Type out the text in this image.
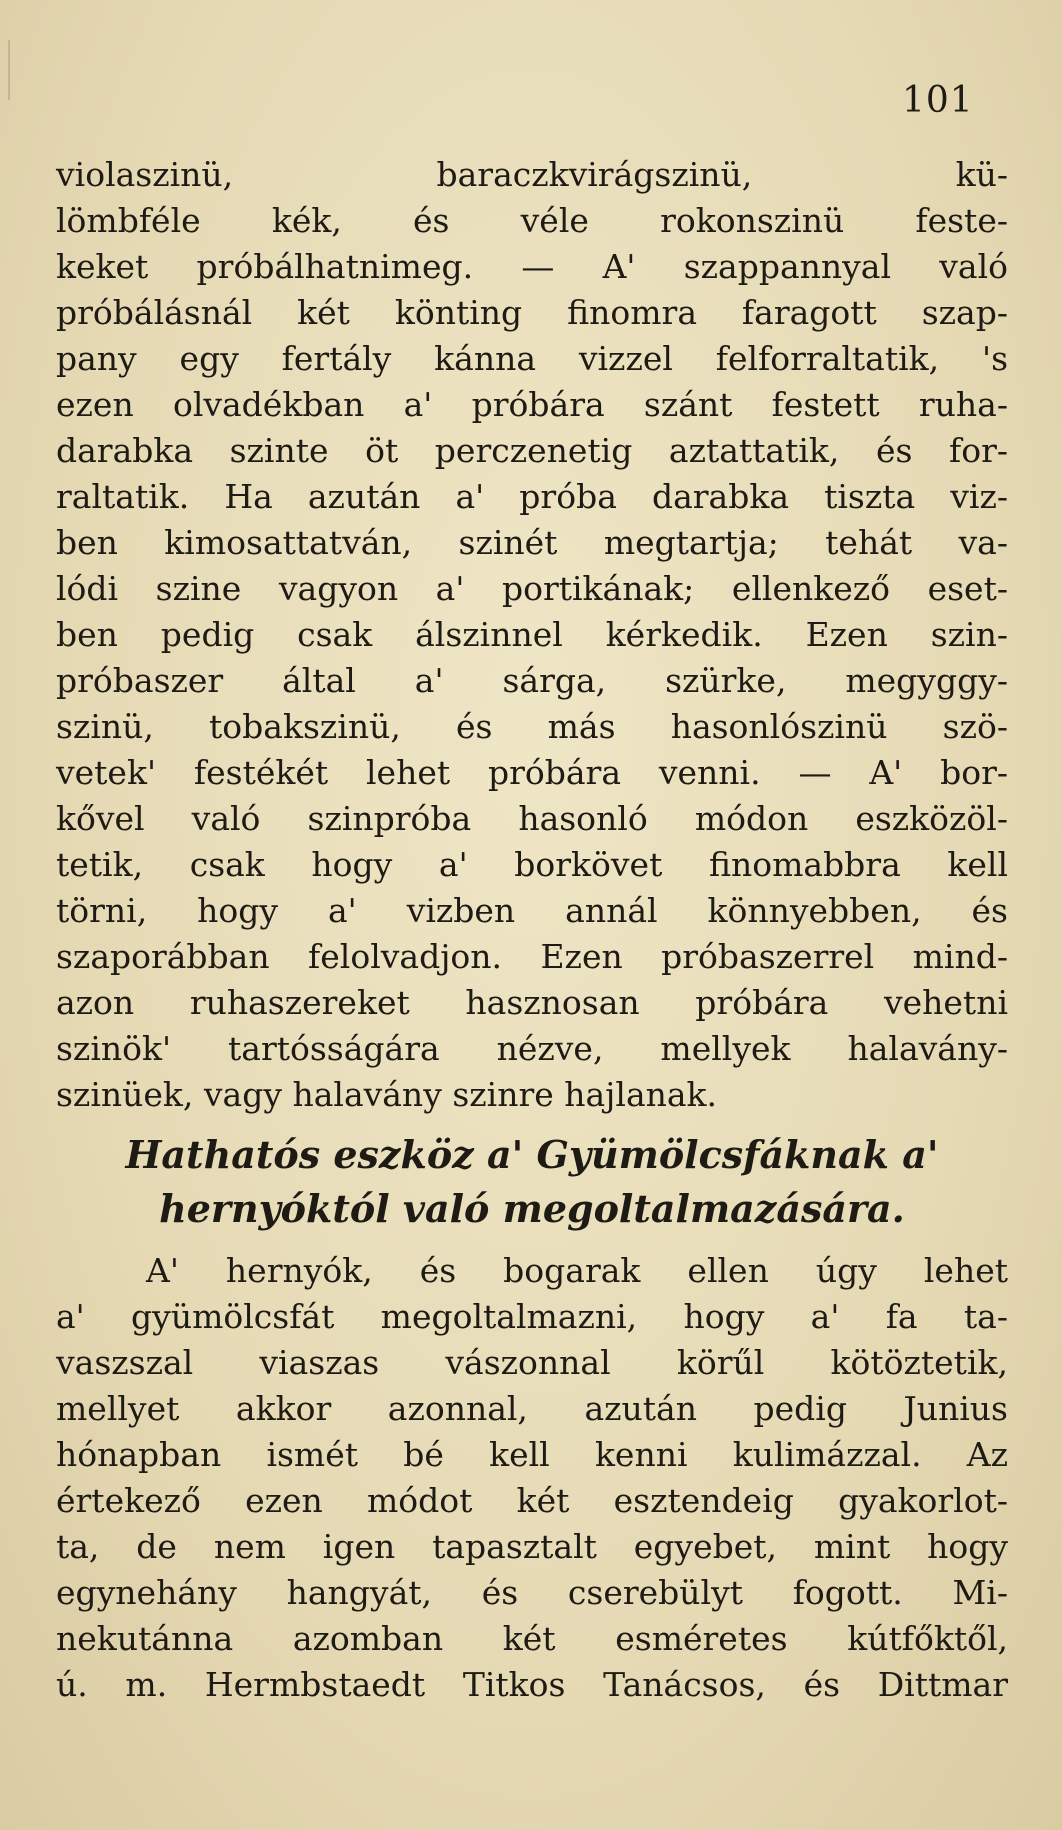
101
violaszinü, baraczkvirágszinü, kü-
lömbféle kék, és véle rokonszinü feste-
keket próbálhatnimeg. — A' szappannyal való
próbálásnál két könting finomra faragott szap-
pany egy fertály kánna vizzel felforraltatik, 's
ezen olvadékban a' próbára szánt festett ruha-
darabka szinte öt perczenetig aztattatik, és for-
raltatik. Ha azután a' próba darabka tiszta viz-
ben kimosattatván, szinét megtartja; tehát va-
lódi szine vagyon a' portikának; ellenkező eset-
ben pedig csak álszinnel kérkedik. Ezen szin-
próbaszer által a' sárga, szürke, megyggy-
szinü, tobakszinü, és más hasonlószinü szö-
vetek' festékét lehet próbára venni. — A' bor-
kővel való szinpróba hasonló módon eszközöl-
tetik, csak hogy a' borkövet finomabbra kell
törni, hogy a' vizben annál könnyebben, és
szaporábban felolvadjon. Ezen próbaszerrel mind-
azon ruhaszereket hasznosan próbára vehetni
szinök' tartósságára nézve, mellyek halavány-
szinüek, vagy halavány szinre hajlanak.
Hathatós eszköz a' Gyümölcsfáknak a'
hernyóktól való megoltalmazására.
A' hernyók, és bogarak ellen úgy lehet
a' gyümölcsfát megoltalmazni, hogy a' fa ta-
vaszszal viaszas vászonnal körűl kötöztetik,
mellyet akkor azonnal, azután pedig Junius
hónapban ismét bé kell kenni kulimázzal. Az
értekező ezen módot két esztendeig gyakorlot-
ta, de nem igen tapasztalt egyebet, mint hogy
egynehány hangyát, és cserebülyt fogott. Mi-
nekutánna azomban két esméretes kútfőktől,
ú. m. Hermbstaedt Titkos Tanácsos, és Dittmar
